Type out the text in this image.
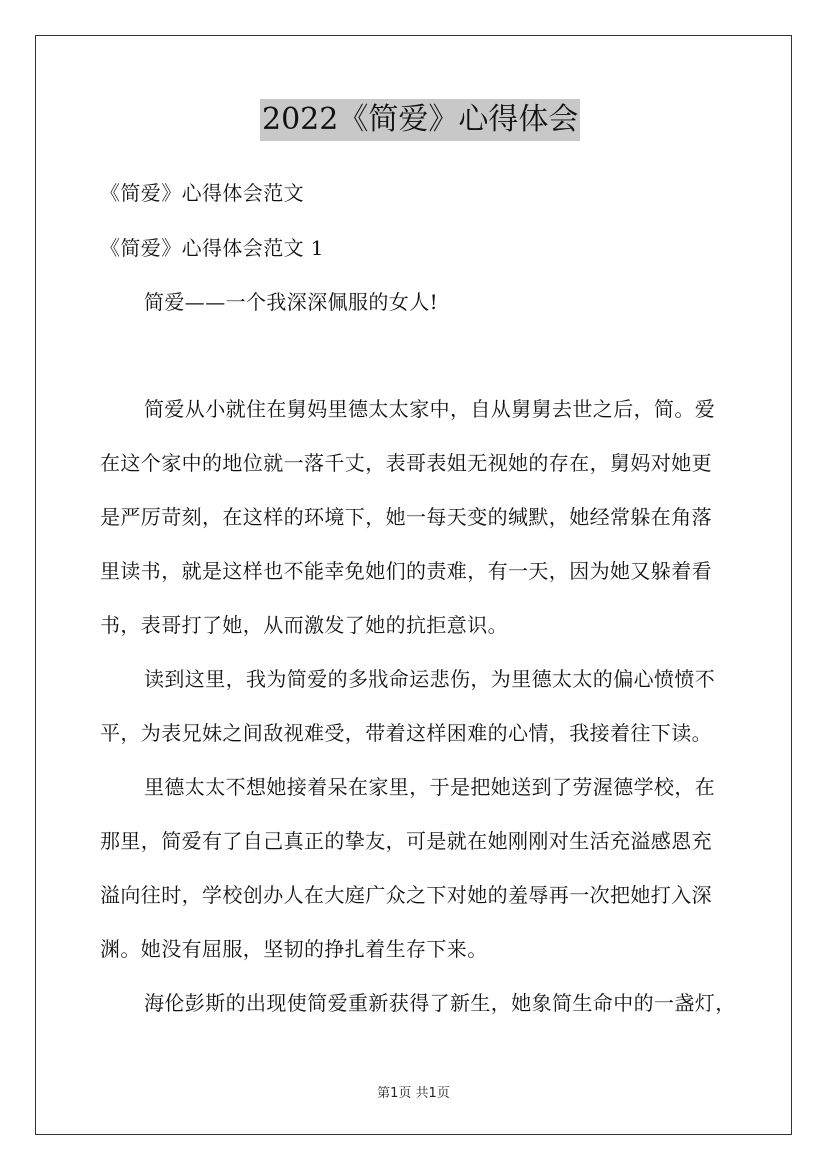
2022《简爱》心得体会
《简爱》心得体会范文
《简爱》心得体会范文 1
简爱——一个我深深佩服的女人!
简爱从小就住在舅妈里德太太家中，自从舅舅去世之后，简。爱
在这个家中的地位就一落千丈，表哥表姐无视她的存在，舅妈对她更
是严厉苛刻，在这样的环境下，她一每天变的缄默，她经常躲在角落
里读书，就是这样也不能幸免她们的责难，有一天，因为她又躲着看
书，表哥打了她，从而激发了她的抗拒意识。
读到这里，我为简爱的多戕命运悲伤，为里德太太的偏心愤愤不
平，为表兄妹之间敌视难受，带着这样困难的心情，我接着往下读。
里德太太不想她接着呆在家里，于是把她送到了劳渥德学校，在
那里，简爱有了自己真正的挚友，可是就在她刚刚对生活充溢感恩充
溢向往时，学校创办人在大庭广众之下对她的羞辱再一次把她打入深
渊。她没有屈服，坚韧的挣扎着生存下来。
海伦彭斯的出现使简爱重新获得了新生，她象简生命中的一盏灯，
第1页 共1页
